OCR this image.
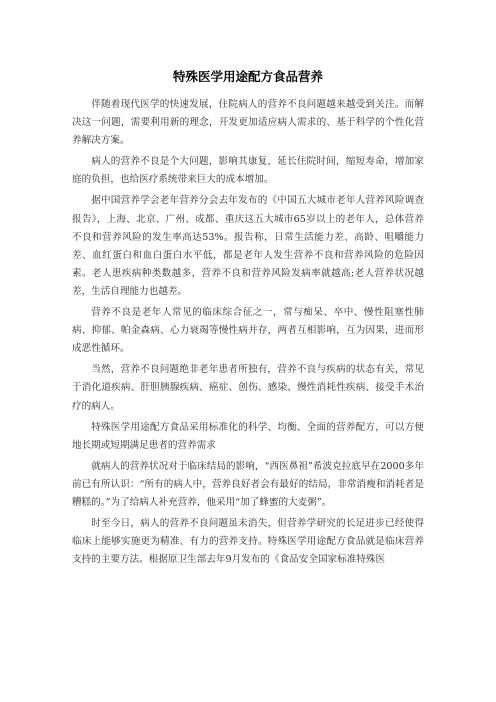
特殊医学用途配方食品营养

伴随着现代医学的快速发展，住院病人的营养不良问题越来越受到关注。而解决这一问题，需要利用新的理念，开发更加适应病人需求的、基于科学的个性化营养解决方案。

病人的营养不良是个大问题，影响其康复，延长住院时间，缩短寿命，增加家庭的负担，也给医疗系统带来巨大的成本增加。

据中国营养学会老年营养分会去年发布的《中国五大城市老年人营养风险调查报告》，上海、北京、广州、成都、重庆这五大城市65岁以上的老年人，总体营养不良和营养风险的发生率高达53%。报告称，日常生活能力差、高龄、咀嚼能力差、血红蛋白和血白蛋白水平低，都是老年人发生营养不良和营养风险的危险因素。老人患疾病种类数越多，营养不良和营养风险发病率就越高;老人营养状况越差，生活自理能力也越差。

营养不良是老年人常见的临床综合征之一，常与痴呆、卒中、慢性阻塞性肺病、抑郁、帕金森病、心力衰竭等慢性病并存，两者互相影响，互为因果，进而形成恶性循环。

当然，营养不良问题绝非老年患者所独有，营养不良与疾病的状态有关，常见于消化道疾病、肝胆胰腺疾病、癌症、创伤、感染、慢性消耗性疾病、接受手术治疗的病人。

特殊医学用途配方食品采用标准化的科学、均衡、全面的营养配方，可以方便地长期或短期满足患者的营养需求

就病人的营养状况对于临床结局的影响，“西医鼻祖”希波克拉底早在2000多年前已有所认识：“所有的病人中，营养良好者会有最好的结局，非常消瘦和消耗者是糟糕的。”为了给病人补充营养，他采用“加了蜂蜜的大麦粥”。

时至今日，病人的营养不良问题虽未消失，但营养学研究的长足进步已经使得临床上能够实施更为精准、有力的营养支持。特殊医学用途配方食品就是临床营养支持的主要方法。根据原卫生部去年9月发布的《食品安全国家标准特殊医
